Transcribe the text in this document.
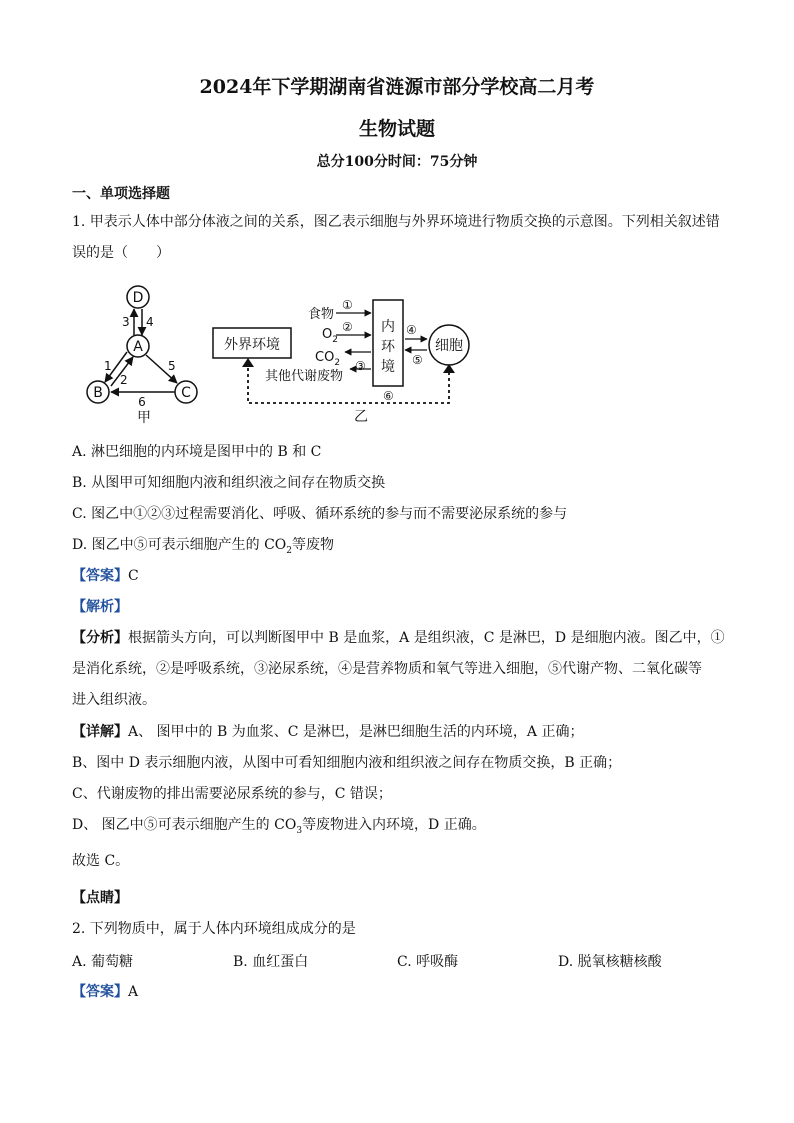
2024年下学期湖南省涟源市部分学校高二月考
生物试题
总分100分时间：75分钟
一、单项选择题
1. 甲表示人体中部分体液之间的关系，图乙表示细胞与外界环境进行物质交换的示意图。下列相关叙述错
误的是（　　）
D
A
B	C
3 4
1
2
5
6
甲
外界环境
内
环
境
细胞
食物
①
$O_2$
②
$CO_2$
其他代谢废物
③
④
⑤
⑥
乙
A. 淋巴细胞的内环境是图甲中的 B 和 C
B. 从图甲可知细胞内液和组织液之间存在物质交换
C. 图乙中①②③过程需要消化、呼吸、循环系统的参与而不需要泌尿系统的参与
D. 图乙中⑤可表示细胞产生的 $CO_2$等废物
【答案】C
【解析】
【分析】根据箭头方向，可以判断图甲中 B 是血浆，A 是组织液，C 是淋巴，D 是细胞内液。图乙中，①
是消化系统，②是呼吸系统，③泌尿系统，④是营养物质和氧气等进入细胞，⑤代谢产物、二氧化碳等
进入组织液。
【详解】A、 图甲中的 B 为血浆、C 是淋巴，是淋巴细胞生活的内环境，A 正确；
B、图中 D 表示细胞内液，从图中可看知细胞内液和组织液之间存在物质交换，B 正确；
C、代谢废物的排出需要泌尿系统的参与，C 错误；
D、 图乙中⑤可表示细胞产生的 $CO_3$等废物进入内环境，D 正确。
故选 C。
【点睛】
2. 下列物质中，属于人体内环境组成成分的是
A. 葡萄糖	B. 血红蛋白	C. 呼吸酶	D. 脱氧核糖核酸
【答案】A
